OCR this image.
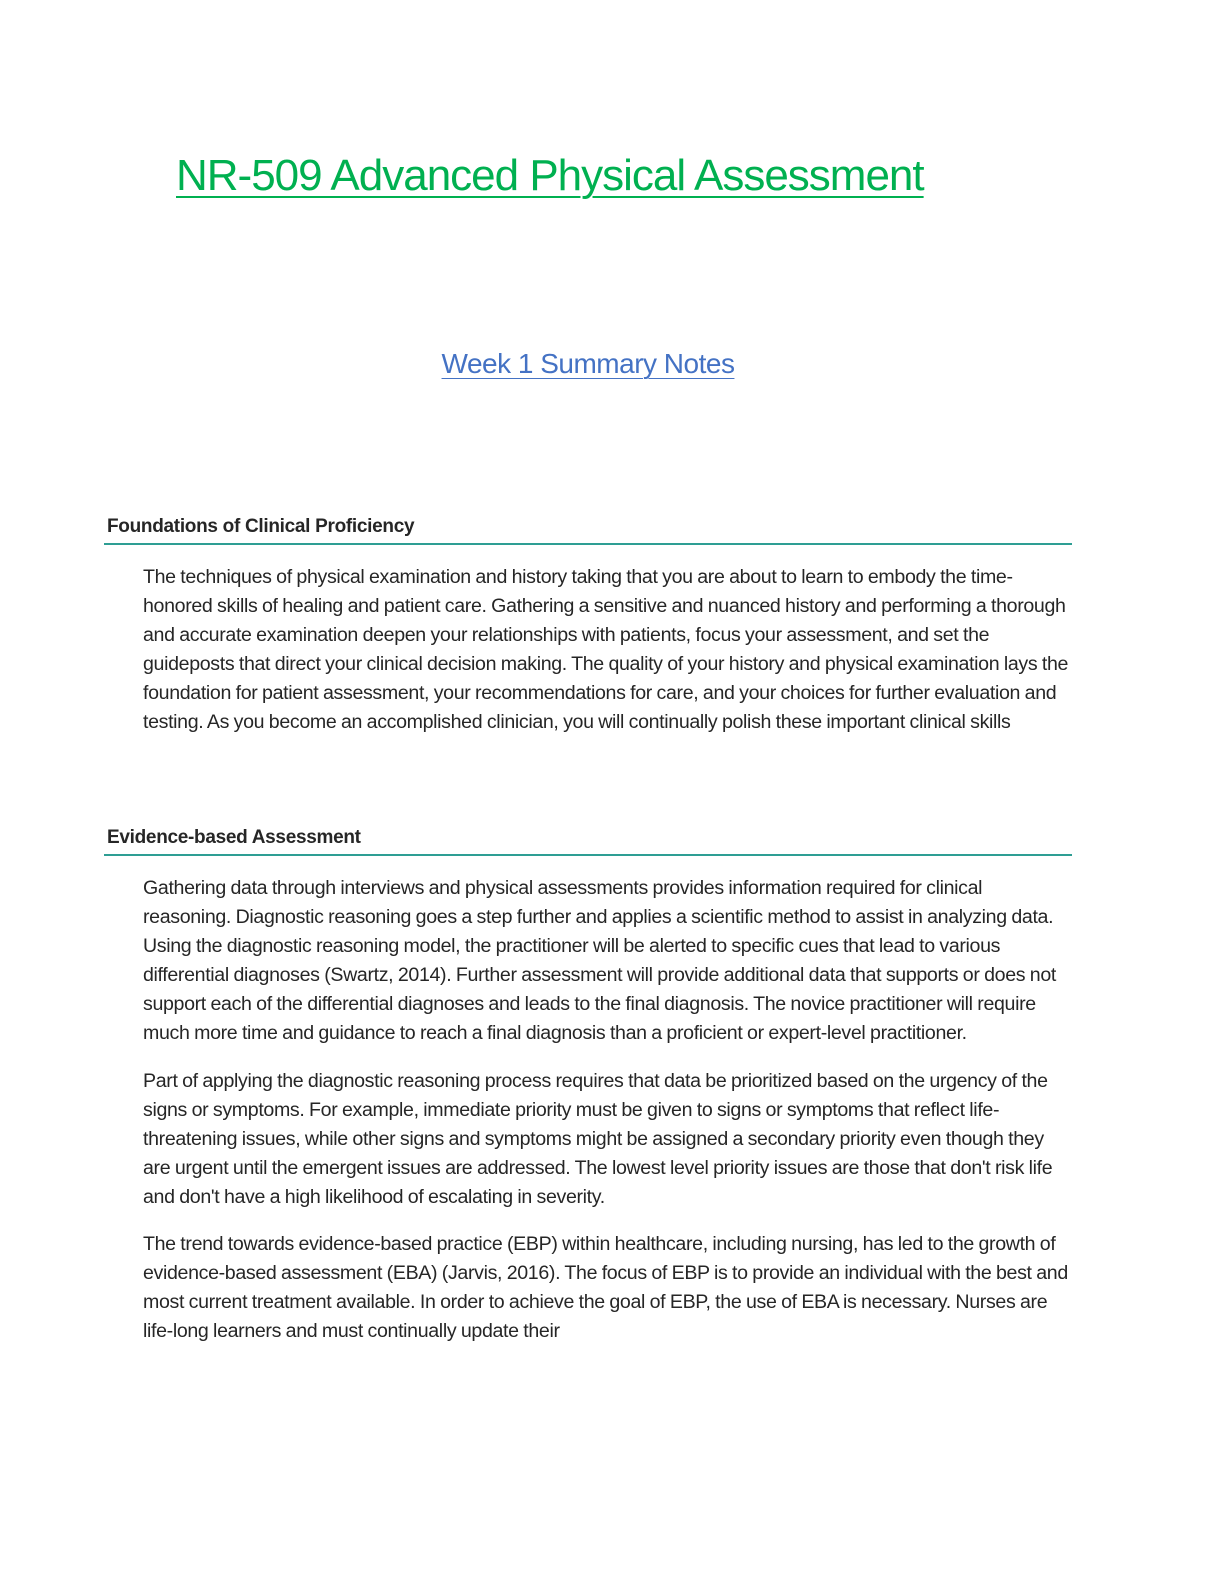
NR-509 Advanced Physical Assessment
Week 1 Summary Notes
Foundations of Clinical Proficiency

The techniques of physical examination and history taking that you are about to learn to embody the time-honored skills of healing and patient care. Gathering a sensitive and nuanced history and performing a thorough and accurate examination deepen your relationships with patients, focus your assessment, and set the guideposts that direct your clinical decision making. The quality of your history and physical examination lays the foundation for patient assessment, your recommendations for care, and your choices for further evaluation and testing. As you become an accomplished clinician, you will continually polish these important clinical skills

Evidence-based Assessment

Gathering data through interviews and physical assessments provides information required for clinical reasoning. Diagnostic reasoning goes a step further and applies a scientific method to assist in analyzing data. Using the diagnostic reasoning model, the practitioner will be alerted to specific cues that lead to various differential diagnoses (Swartz, 2014). Further assessment will provide additional data that supports or does not support each of the differential diagnoses and leads to the final diagnosis. The novice practitioner will require much more time and guidance to reach a final diagnosis than a proficient or expert-level practitioner.

Part of applying the diagnostic reasoning process requires that data be prioritized based on the urgency of the signs or symptoms. For example, immediate priority must be given to signs or symptoms that reflect life-threatening issues, while other signs and symptoms might be assigned a secondary priority even though they are urgent until the emergent issues are addressed. The lowest level priority issues are those that don't risk life and don't have a high likelihood of escalating in severity.

The trend towards evidence-based practice (EBP) within healthcare, including nursing, has led to the growth of evidence-based assessment (EBA) (Jarvis, 2016). The focus of EBP is to provide an individual with the best and most current treatment available. In order to achieve the goal of EBP, the use of EBA is necessary. Nurses are life-long learners and must continually update their
